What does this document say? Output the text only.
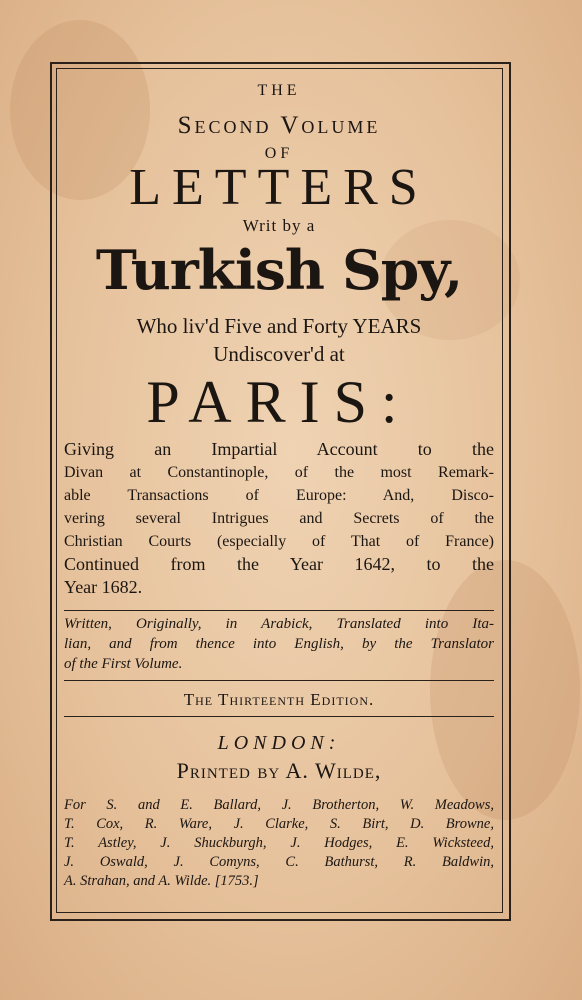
THE
Second Volume
OF
LETTERS
Writ by a
Turkish Spy,
Who liv'd Five and Forty YEARS
Undiscover'd at
PARIS:
Giving an Impartial Account to the
Divan at Constantinople, of the most Remark-
able Transactions of Europe: And, Disco-
vering several Intrigues and Secrets of the
Christian Courts (especially of That of France)
Continued from the Year 1642, to the
Year 1682.
Written, Originally, in Arabick, Translated into Ita-
lian, and from thence into English, by the Translator
of the First Volume.
The Thirteenth Edition.
LONDON:
Printed by A. Wilde,
For S. and E. Ballard, J. Brotherton, W. Meadows,
T. Cox, R. Ware, J. Clarke, S. Birt, D. Browne,
T. Astley, J. Shuckburgh, J. Hodges, E. Wicksteed,
J. Oswald, J. Comyns, C. Bathurst, R. Baldwin,
A. Strahan, and A. Wilde. [1753.]
